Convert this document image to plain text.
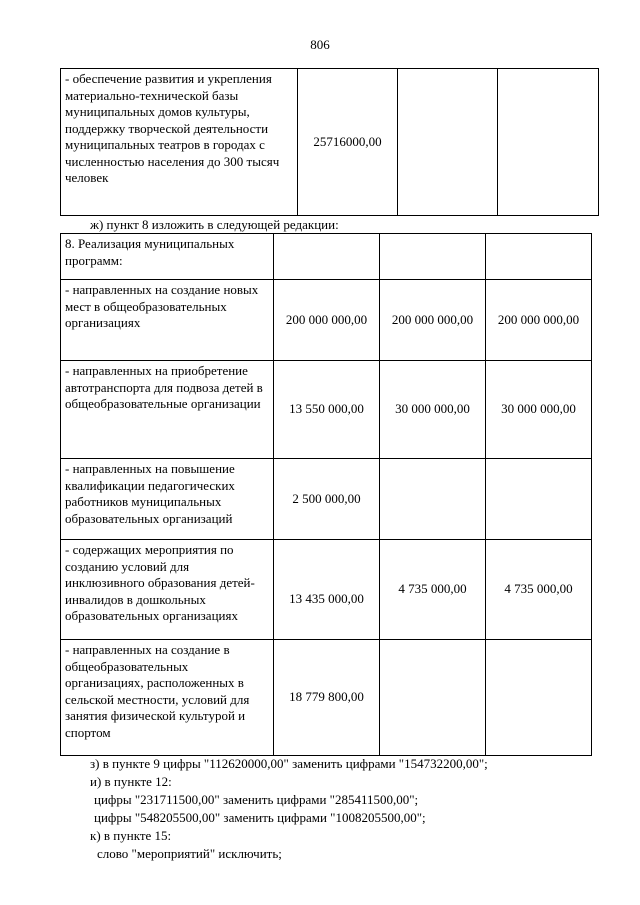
806
- обеспечение развития и укрепления материально-технической базы муниципальных домов культуры, поддержку творческой деятельности муниципальных театров в городах с численностью населения до 300 тысяч человек	25716000,00		
ж) пункт 8 изложить в следующей редакции:
8. Реализация муниципальных программ:			
- направленных на создание новых мест в общеобразовательных организациях	200 000 000,00	200 000 000,00	200 000 000,00
- направленных на приобретение автотранспорта для подвоза детей в общеобразовательные организации	13 550 000,00	30 000 000,00	30 000 000,00
- направленных на повышение квалификации педагогических работников муниципальных образовательных организаций	2 500 000,00		
- содержащих мероприятия по созданию условий для инклюзивного образования детей-инвалидов в дошкольных образовательных организациях	13 435 000,00	4 735 000,00	4 735 000,00
- направленных на создание в общеобразовательных организациях, расположенных в сельской местности, условий для занятия физической культурой и спортом	18 779 800,00		
з) в пункте 9 цифры "112620000,00" заменить цифрами "154732200,00";
и) в пункте 12:
цифры "231711500,00" заменить цифрами "285411500,00";
цифры "548205500,00" заменить цифрами "1008205500,00";
к) в пункте 15:
слово "мероприятий" исключить;
